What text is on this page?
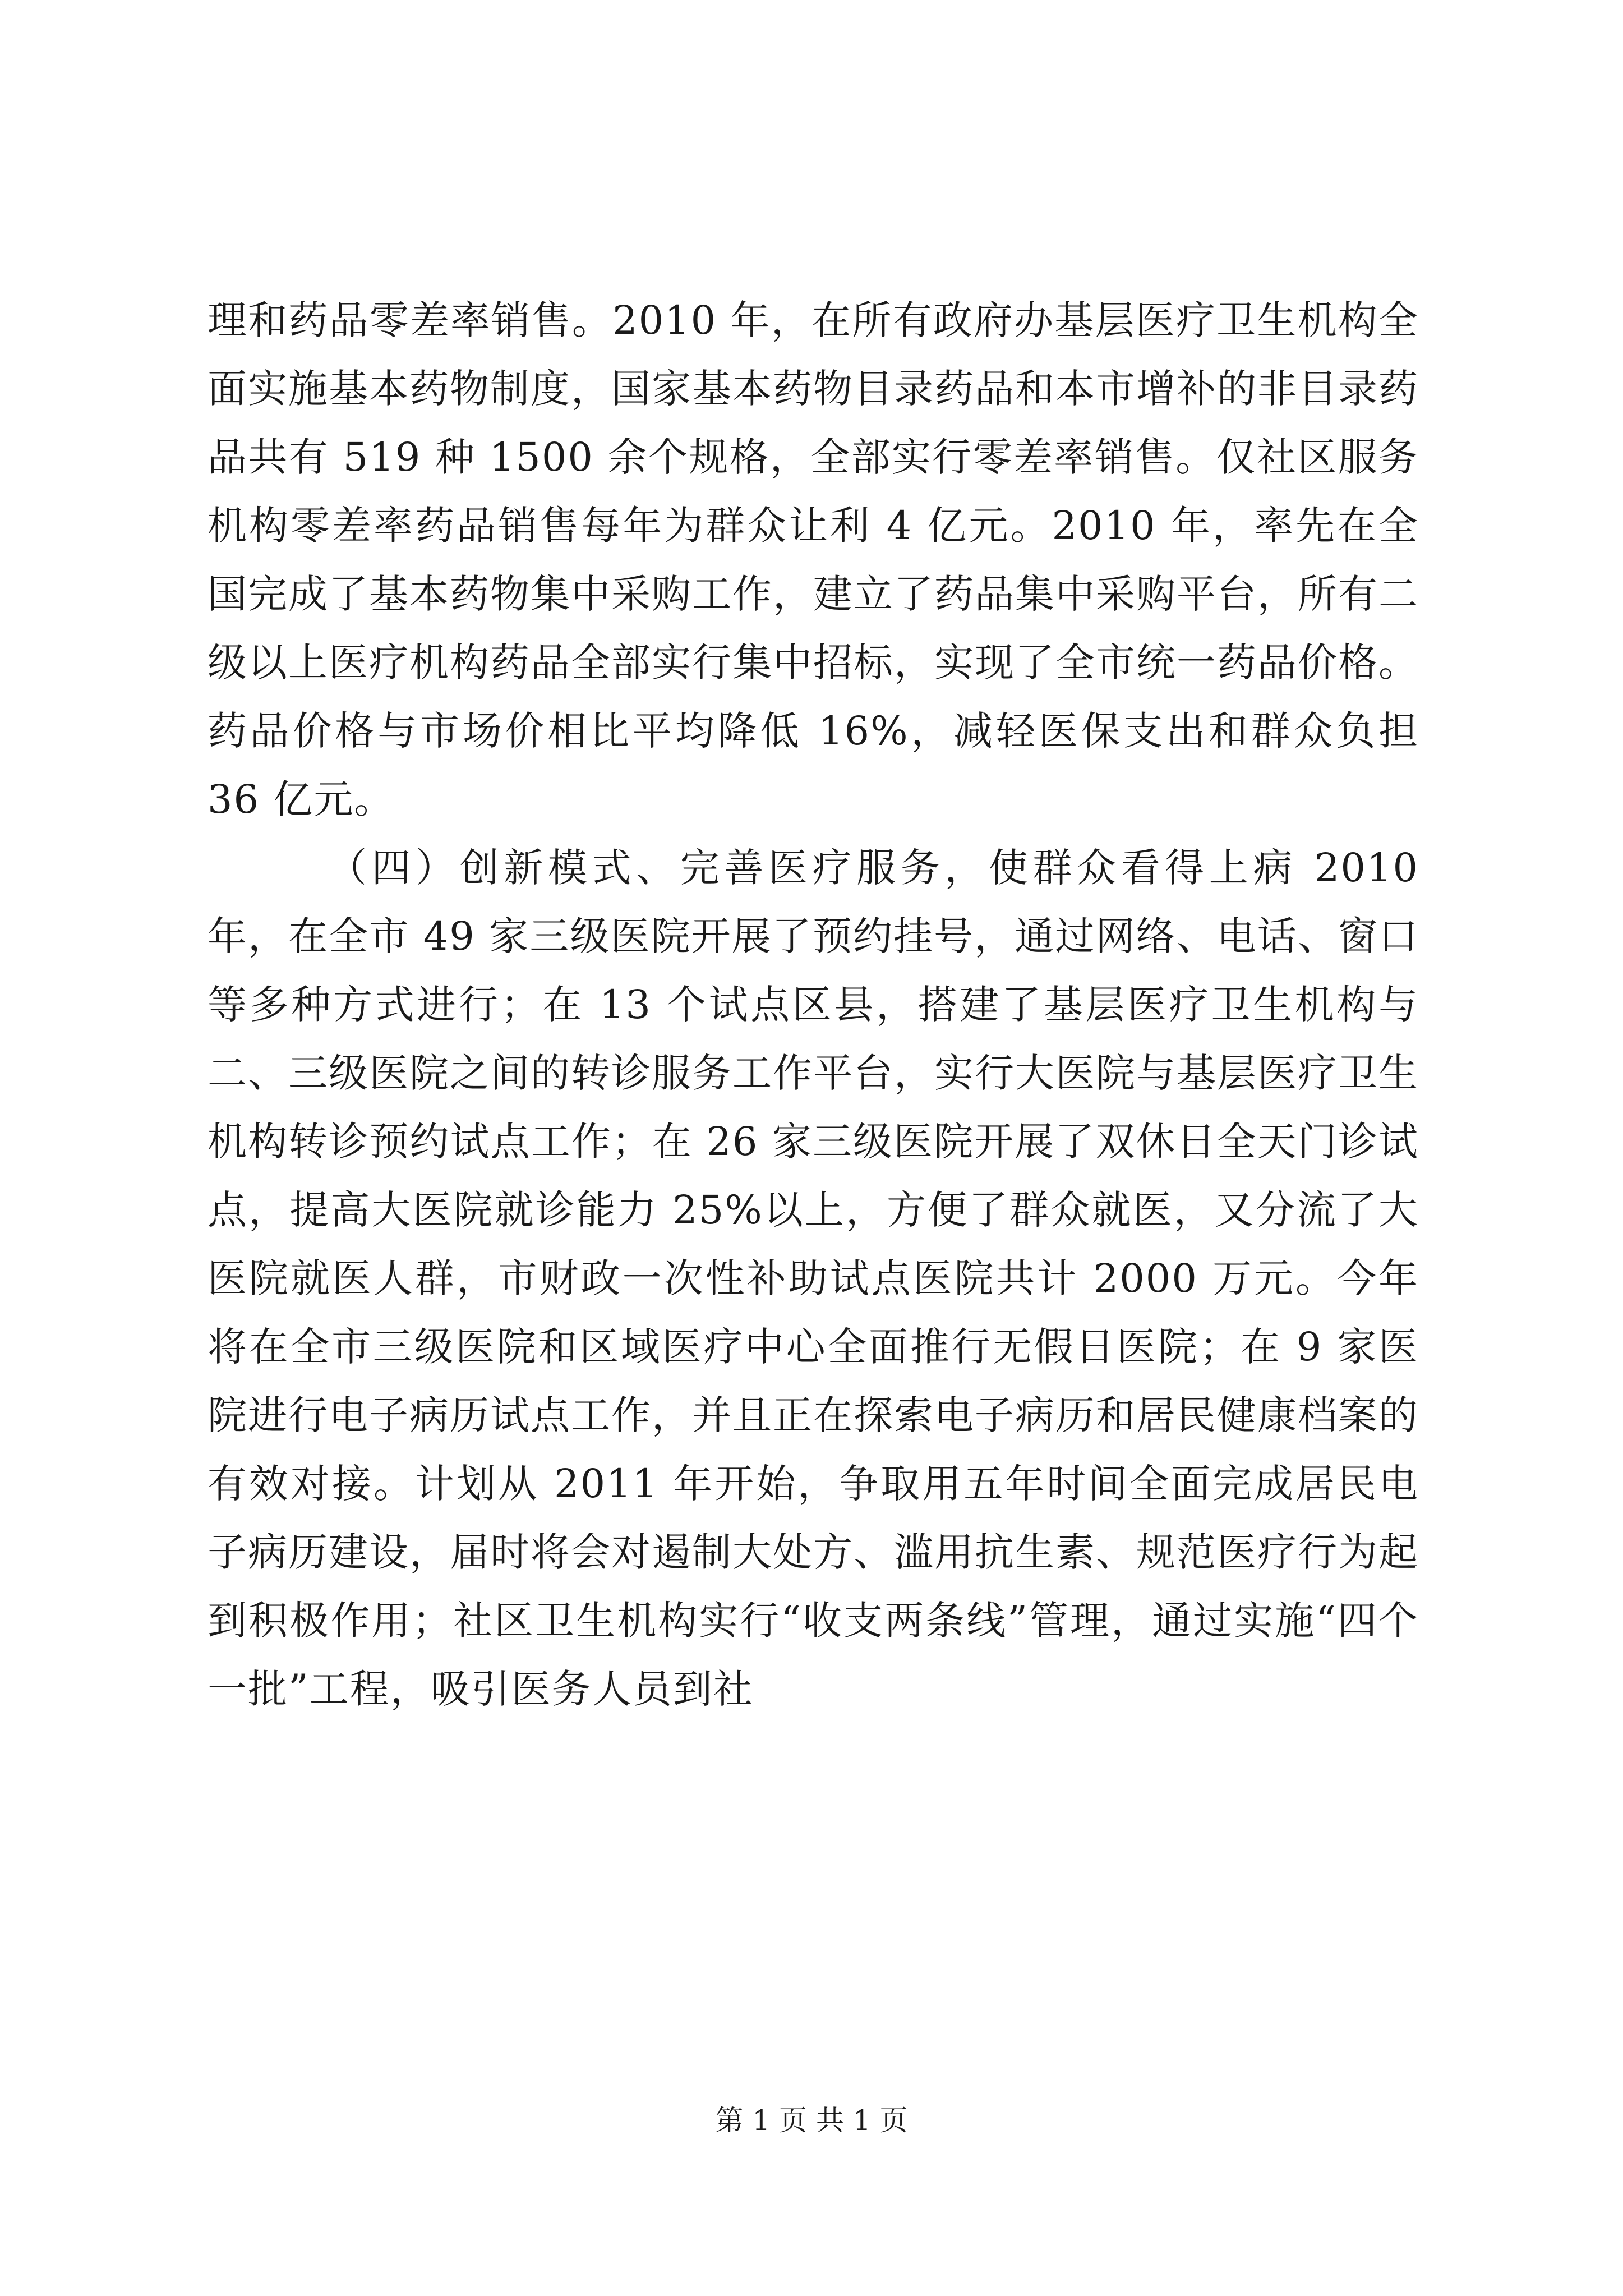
理和药品零差率销售。2010 年，在所有政府办基层医疗卫生机构全面实施基本药物制度，国家基本药物目录药品和本市增补的非目录药品共有 519 种 1500 余个规格，全部实行零差率销售。仅社区服务机构零差率药品销售每年为群众让利 4 亿元。2010 年，率先在全国完成了基本药物集中采购工作，建立了药品集中采购平台，所有二级以上医疗机构药品全部实行集中招标，实现了全市统一药品价格。药品价格与市场价相比平均降低 16%，减轻医保支出和群众负担 36 亿元。

（四）创新模式、完善医疗服务，使群众看得上病 2010 年，在全市 49 家三级医院开展了预约挂号，通过网络、电话、窗口等多种方式进行；在 13 个试点区县，搭建了基层医疗卫生机构与二、三级医院之间的转诊服务工作平台，实行大医院与基层医疗卫生机构转诊预约试点工作；在 26 家三级医院开展了双休日全天门诊试点，提高大医院就诊能力 25%以上，方便了群众就医，又分流了大医院就医人群，市财政一次性补助试点医院共计 2000 万元。今年将在全市三级医院和区域医疗中心全面推行无假日医院；在 9 家医院进行电子病历试点工作，并且正在探索电子病历和居民健康档案的有效对接。计划从 2011 年开始，争取用五年时间全面完成居民电子病历建设，届时将会对遏制大处方、滥用抗生素、规范医疗行为起到积极作用；社区卫生机构实行“收支两条线”管理，通过实施“四个一批”工程，吸引医务人员到社

第 1 页 共 1 页
